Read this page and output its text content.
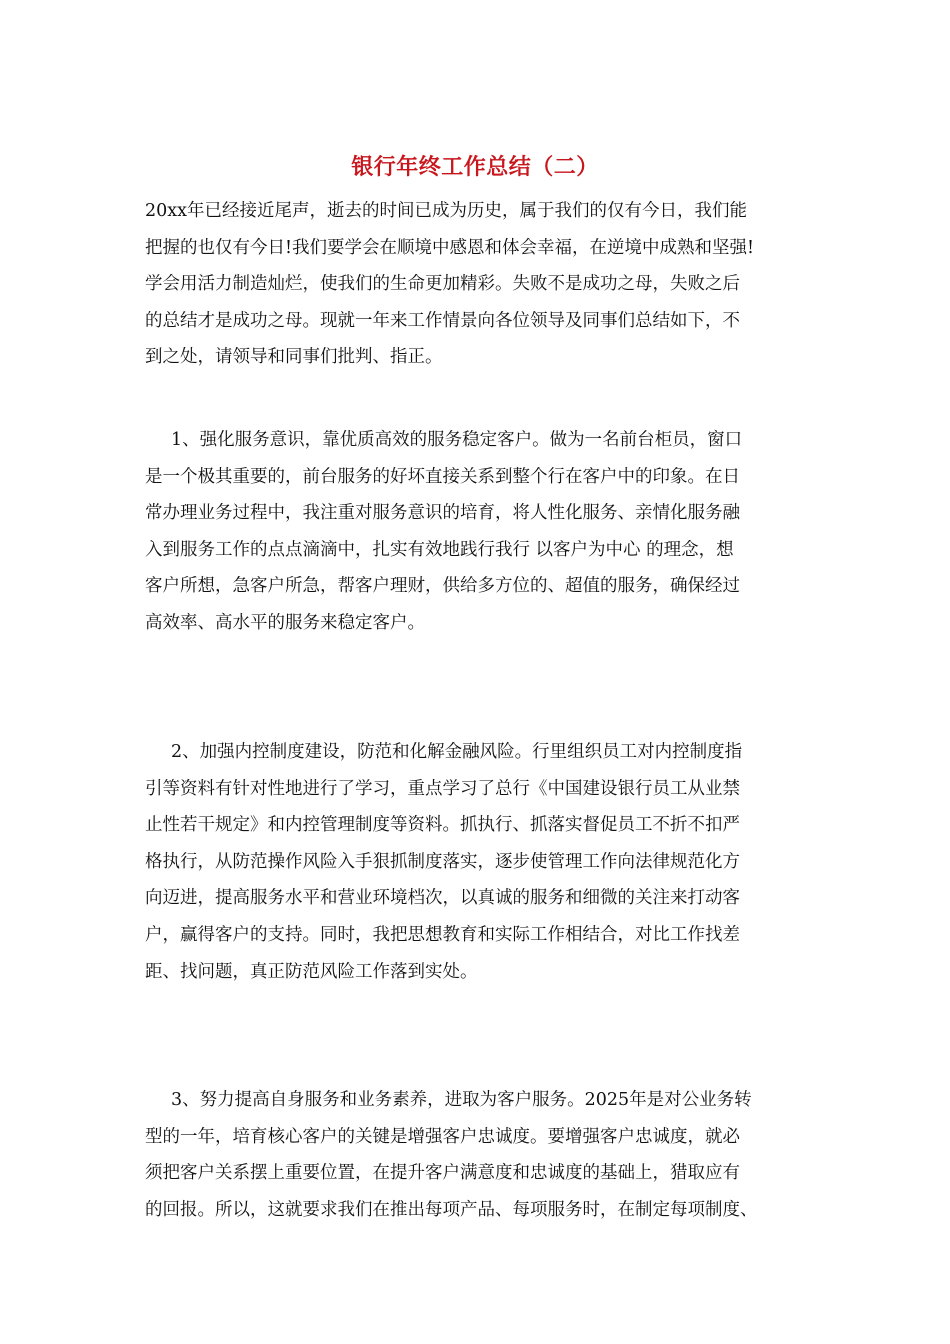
银行年终工作总结（二）

20xx年已经接近尾声，逝去的时间已成为历史，属于我们的仅有今日，我们能
把握的也仅有今日!我们要学会在顺境中感恩和体会幸福，在逆境中成熟和坚强!
学会用活力制造灿烂，使我们的生命更加精彩。失败不是成功之母，失败之后
的总结才是成功之母。现就一年来工作情景向各位领导及同事们总结如下，不
到之处，请领导和同事们批判、指正。

1、强化服务意识，靠优质高效的服务稳定客户。做为一名前台柜员，窗口
是一个极其重要的，前台服务的好坏直接关系到整个行在客户中的印象。在日
常办理业务过程中，我注重对服务意识的培育，将人性化服务、亲情化服务融
入到服务工作的点点滴滴中，扎实有效地践行我行 以客户为中心 的理念，想
客户所想，急客户所急，帮客户理财，供给多方位的、超值的服务，确保经过
高效率、高水平的服务来稳定客户。

2、加强内控制度建设，防范和化解金融风险。行里组织员工对内控制度指
引等资料有针对性地进行了学习，重点学习了总行《中国建设银行员工从业禁
止性若干规定》和内控管理制度等资料。抓执行、抓落实督促员工不折不扣严
格执行，从防范操作风险入手狠抓制度落实，逐步使管理工作向法律规范化方
向迈进，提高服务水平和营业环境档次，以真诚的服务和细微的关注来打动客
户，赢得客户的支持。同时，我把思想教育和实际工作相结合，对比工作找差
距、找问题，真正防范风险工作落到实处。

3、努力提高自身服务和业务素养，进取为客户服务。2025年是对公业务转
型的一年，培育核心客户的关键是增强客户忠诚度。要增强客户忠诚度，就必
须把客户关系摆上重要位置，在提升客户满意度和忠诚度的基础上，猎取应有
的回报。所以，这就要求我们在推出每项产品、每项服务时，在制定每项制度、
